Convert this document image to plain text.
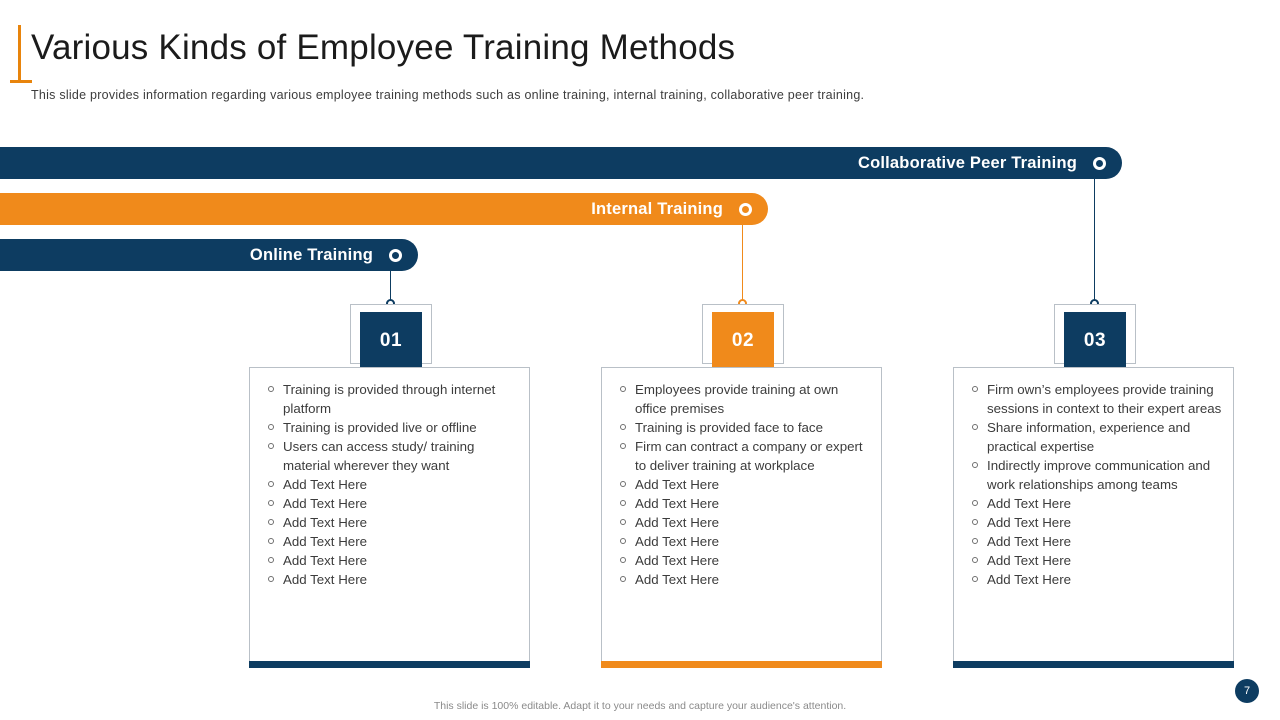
Various Kinds of Employee Training Methods
This slide provides information regarding various employee training methods such as online training, internal training, collaborative peer training.
Collaborative Peer Training
Internal Training
Online Training
01
Training is provided through internet platform
Training is provided live or offline
Users can access study/ training material wherever they want
Add Text Here
Add Text Here
Add Text Here
Add Text Here
Add Text Here
Add Text Here
02
Employees provide training at own office premises
Training is provided face to face
Firm can contract a company or expert to deliver training at workplace
Add Text Here
Add Text Here
Add Text Here
Add Text Here
Add Text Here
Add Text Here
03
Firm own’s employees provide training sessions in context to their expert areas
Share information, experience and practical expertise
Indirectly improve communication and work relationships among teams
Add Text Here
Add Text Here
Add Text Here
Add Text Here
Add Text Here
This slide is 100% editable. Adapt it to your needs and capture your audience's attention.
7
